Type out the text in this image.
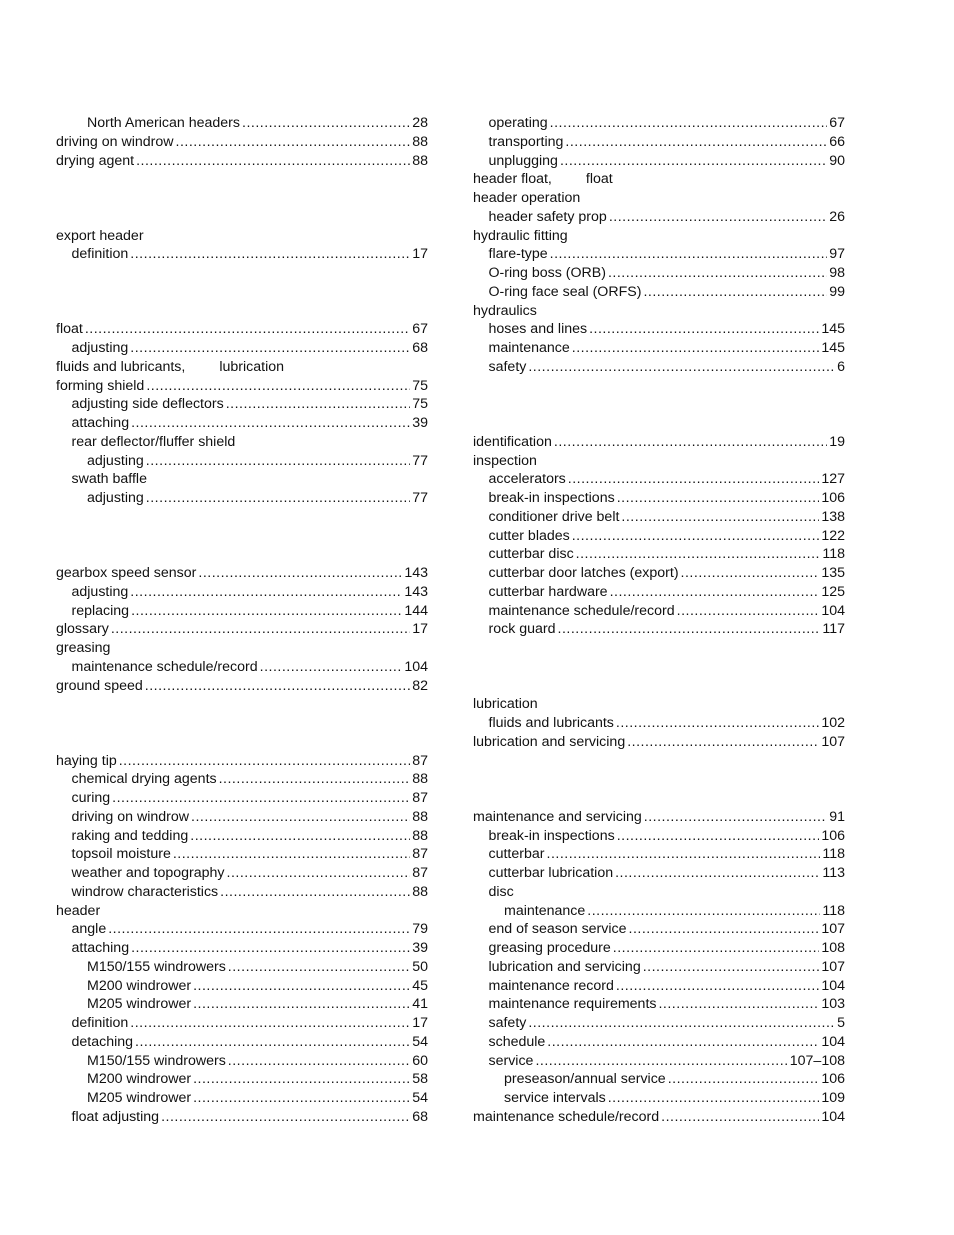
North American headers .....	28
driving on windrow .....	88
drying agent .....	88
export header
definition .....	17
float .....	67
adjusting .....	68
fluids and lubricants, lubrication
forming shield .....	75
adjusting side deflectors .....	75
attaching .....	39
rear deflector/fluffer shield
adjusting .....	77
swath baffle
adjusting .....	77
gearbox speed sensor .....	143
adjusting .....	143
replacing .....	144
glossary .....	17
greasing
maintenance schedule/record .....	104
ground speed .....	82
haying tip .....	87
chemical drying agents .....	88
curing .....	87
driving on windrow .....	88
raking and tedding .....	88
topsoil moisture .....	87
weather and topography .....	87
windrow characteristics .....	88
header
angle .....	79
attaching .....	39
M150/155 windrowers .....	50
M200 windrower .....	45
M205 windrower .....	41
definition .....	17
detaching .....	54
M150/155 windrowers .....	60
M200 windrower .....	58
M205 windrower .....	54
float adjusting .....	68
operating .....	67
transporting .....	66
unplugging .....	90
header float, float
header operation
header safety prop .....	26
hydraulic fitting
flare-type .....	97
O-ring boss (ORB) .....	98
O-ring face seal (ORFS) .....	99
hydraulics
hoses and lines .....	145
maintenance .....	145
safety .....	6
identification .....	19
inspection
accelerators .....	127
break-in inspections .....	106
conditioner drive belt .....	138
cutter blades .....	122
cutterbar disc .....	118
cutterbar door latches (export) .....	135
cutterbar hardware .....	125
maintenance schedule/record .....	104
rock guard .....	117
lubrication
fluids and lubricants .....	102
lubrication and servicing .....	107
maintenance and servicing .....	91
break-in inspections .....	106
cutterbar .....	118
cutterbar lubrication .....	113
disc
maintenance .....	118
end of season service .....	107
greasing procedure .....	108
lubrication and servicing .....	107
maintenance record .....	104
maintenance requirements .....	103
safety .....	5
schedule .....	104
service .....	107–108
preseason/annual service .....	106
service intervals .....	109
maintenance schedule/record .....	104
